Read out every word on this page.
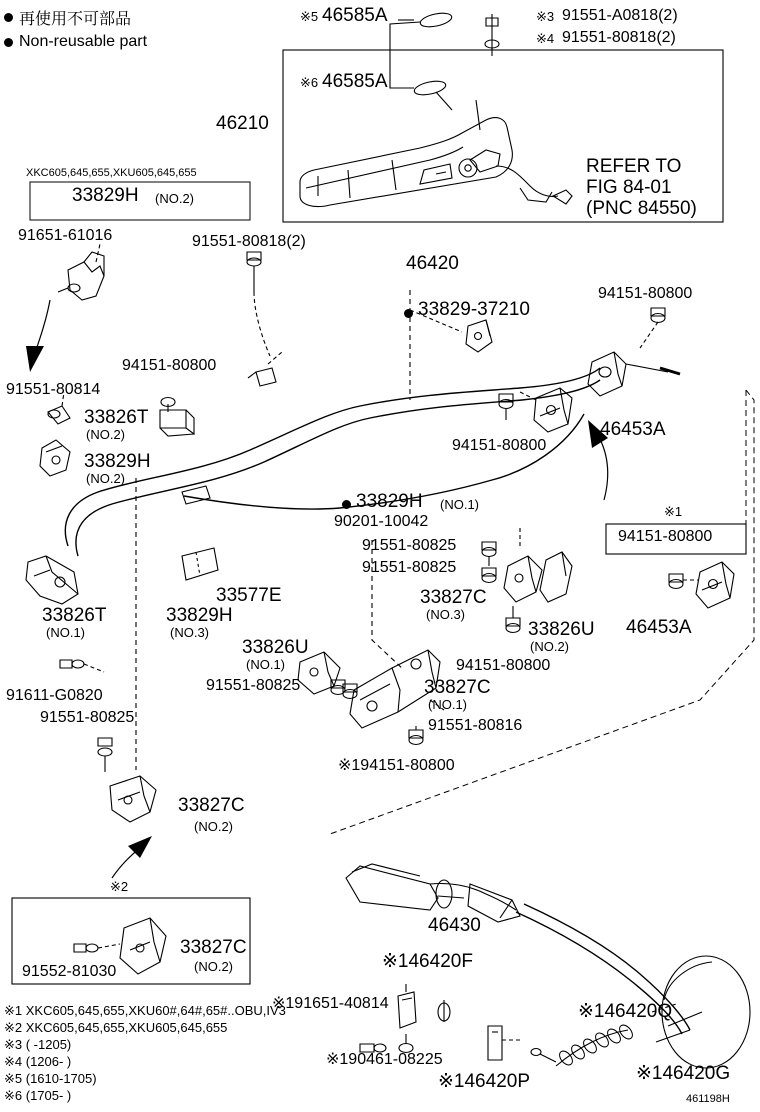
再使用不可部品
Non-reusable part
※5 46585A
※6 46585A
※3 91551-A0818(2)
※4 91551-80818(2)
REFER TO
FIG 84-01
(PNC 84550)
46210
XKC605,645,655,XKU605,645,655
33829H (NO.2)
91651-61016	91551-80818(2)
46420
33829-37210
94151-80800
94151-80800
91551-80814
33826T
(NO.2)
33829H
(NO.2)
94151-80800
46453A
94151-80800
※1
33829H (NO.1)
90201-10042
91551-80825
91551-80825
33827C
(NO.3)
33826U
(NO.2)
46453A
33826T
(NO.1)
33829H
(NO.3)
33577E
33826U
(NO.1)
91551-80825
94151-80800
33827C
(NO.1)
91551-80816
※194151-80800
91611-G0820
91551-80825
33827C
(NO.2)
※2
91552-81030
33827C
(NO.2)
46430
※146420F
※191651-40814
※190461-08225
※146420P
※146420Q
※146420G
※1 XKC605,645,655,XKU60#,64#,65#..OBU,IV3
※2 XKC605,645,655,XKU605,645,655
※3 ( -1205)
※4 (1206- )
※5 (1610-1705)
※6 (1705- )	461198H
